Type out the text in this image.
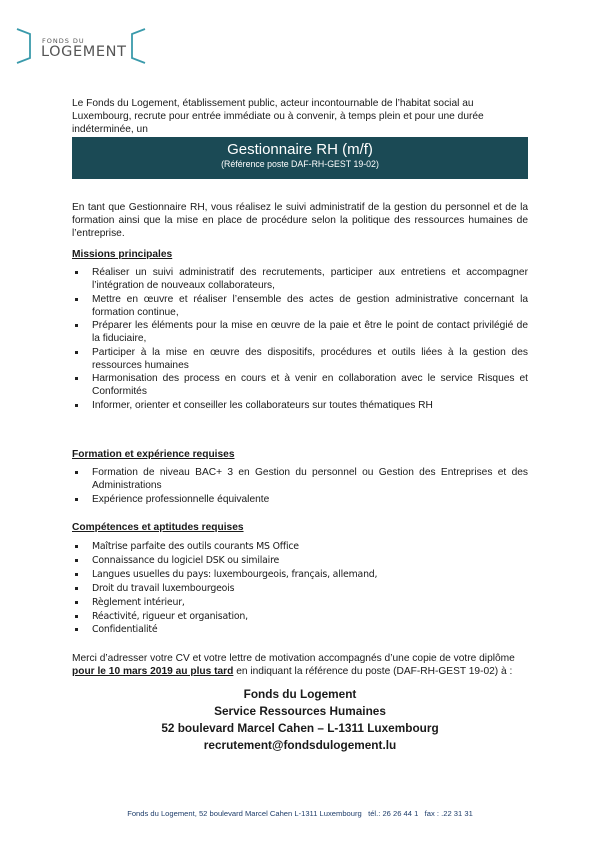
FONDS DU
LOGEMENT

Le Fonds du Logement, établissement public, acteur incontournable de l’habitat social au Luxembourg, recrute pour entrée immédiate ou à convenir, à temps plein et pour une durée indéterminée, un

Gestionnaire RH (m/f)
(Référence poste DAF-RH-GEST 19-02)

En tant que Gestionnaire RH, vous réalisez le suivi administratif de la gestion du personnel et de la formation ainsi que la mise en place de procédure selon la politique des ressources humaines de l’entreprise.

Missions principales
Réaliser un suivi administratif des recrutements, participer aux entretiens et accompagner l’intégration de nouveaux collaborateurs,
Mettre en œuvre et réaliser l’ensemble des actes de gestion administrative concernant la formation continue,
Préparer les éléments pour la mise en œuvre de la paie et être le point de contact privilégié de la fiduciaire,
Participer à la mise en œuvre des dispositifs, procédures et outils liées à la gestion des ressources humaines
Harmonisation des process en cours et à venir en collaboration avec le service Risques et Conformités
Informer, orienter et conseiller les collaborateurs sur toutes thématiques RH
Formation et expérience requises
Formation de niveau BAC+ 3 en Gestion du personnel ou Gestion des Entreprises et des Administrations
Expérience professionnelle équivalente
Compétences et aptitudes requises
Maîtrise parfaite des outils courants MS Office
Connaissance du logiciel DSK ou similaire
Langues usuelles du pays: luxembourgeois, français, allemand,
Droit du travail luxembourgeois
Règlement intérieur,
Réactivité, rigueur et organisation,
Confidentialité

Merci d’adresser votre CV et votre lettre de motivation accompagnés d’une copie de votre diplôme pour le 10 mars 2019 au plus tard en indiquant la référence du poste (DAF-RH-GEST 19-02) à :

Fonds du Logement
Service Ressources Humaines
52 boulevard Marcel Cahen – L-1311 Luxembourg
recrutement@fondsdulogement.lu
Fonds du Logement, 52 boulevard Marcel Cahen L-1311 Luxembourg   tél.: 26 26 44 1   fax : .22 31 31
